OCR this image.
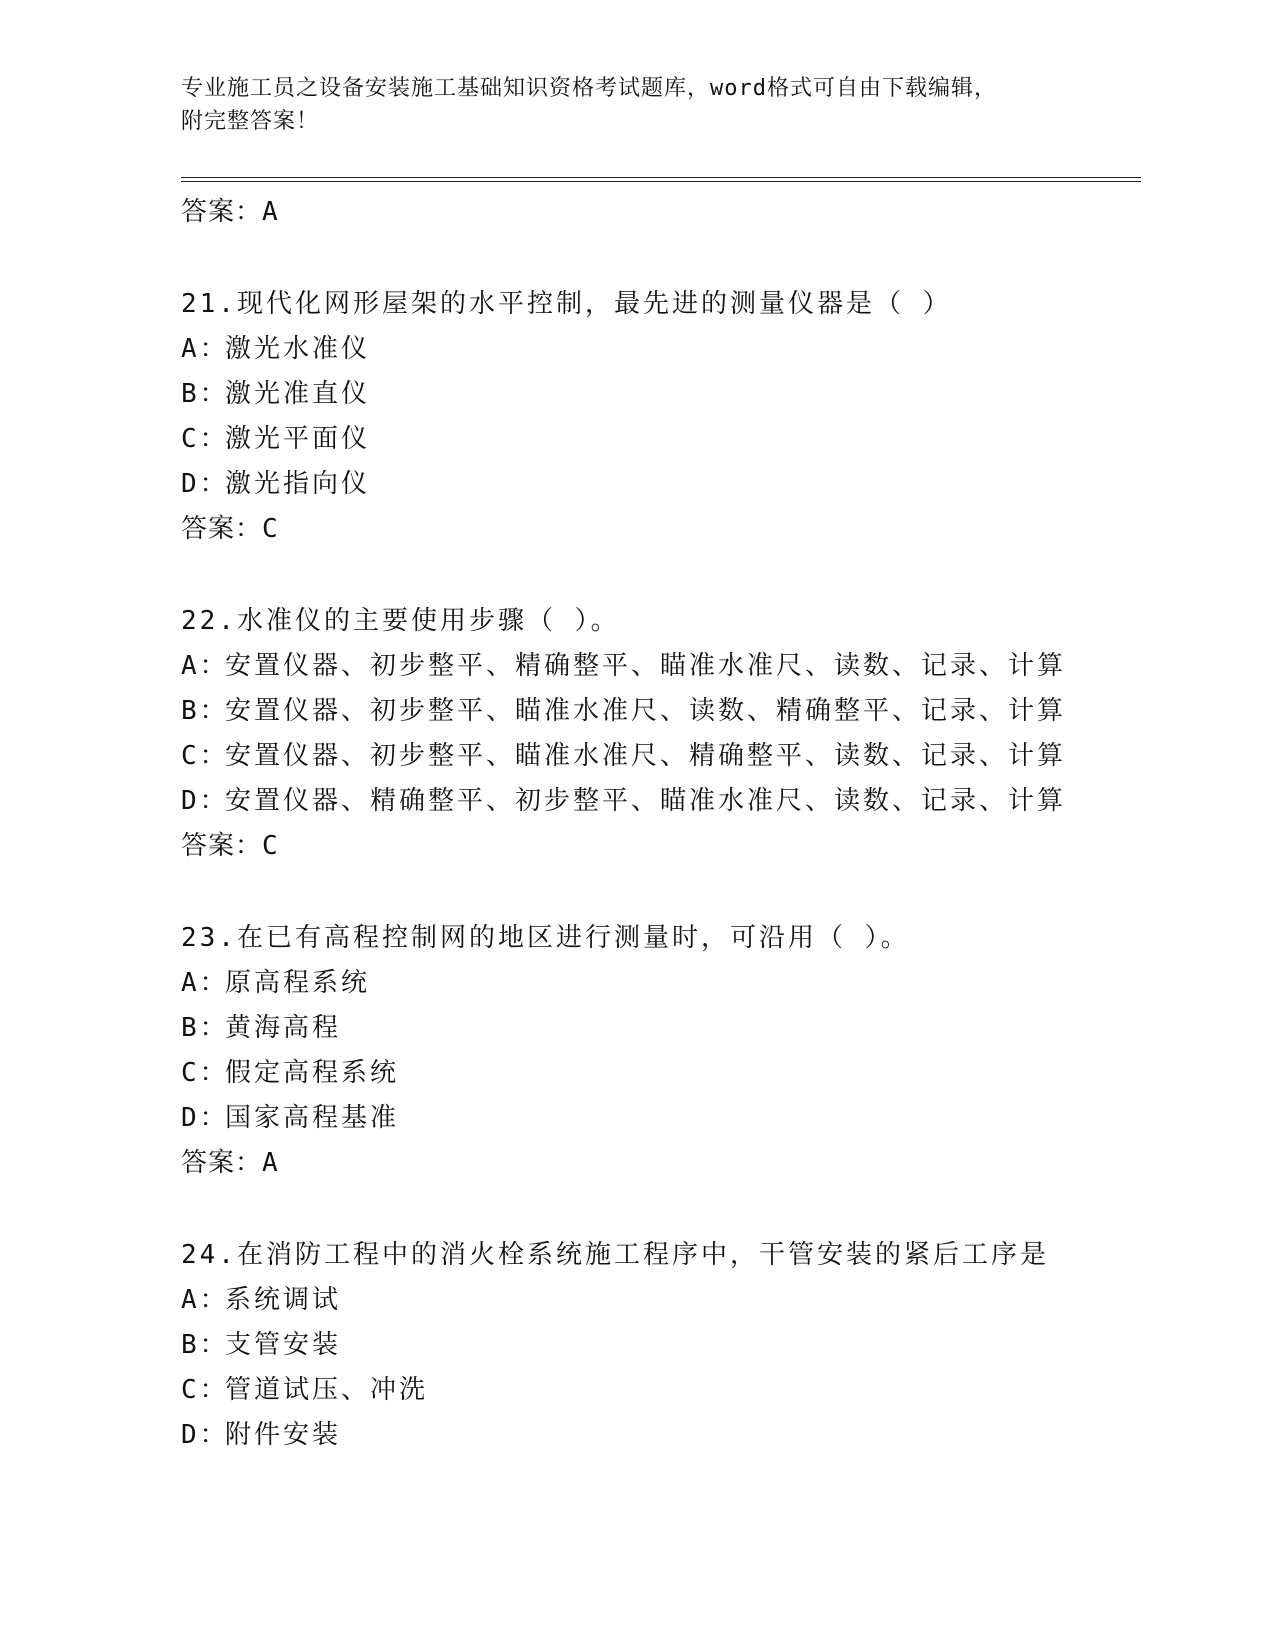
专业施工员之设备安装施工基础知识资格考试题库，word格式可自由下载编辑，
附完整答案！
答案：A
21.现代化网形屋架的水平控制，最先进的测量仪器是（ ）
A：激光水准仪
B：激光准直仪
C：激光平面仪
D：激光指向仪
答案：C
22.水准仪的主要使用步骤（ ）。
A：安置仪器、初步整平、精确整平、瞄准水准尺、读数、记录、计算
B：安置仪器、初步整平、瞄准水准尺、读数、精确整平、记录、计算
C：安置仪器、初步整平、瞄准水准尺、精确整平、读数、记录、计算
D：安置仪器、精确整平、初步整平、瞄准水准尺、读数、记录、计算
答案：C
23.在已有高程控制网的地区进行测量时，可沿用（ ）。
A：原高程系统
B：黄海高程
C：假定高程系统
D：国家高程基准
答案：A
24.在消防工程中的消火栓系统施工程序中，干管安装的紧后工序是
A：系统调试
B：支管安装
C：管道试压、冲洗
D：附件安装
